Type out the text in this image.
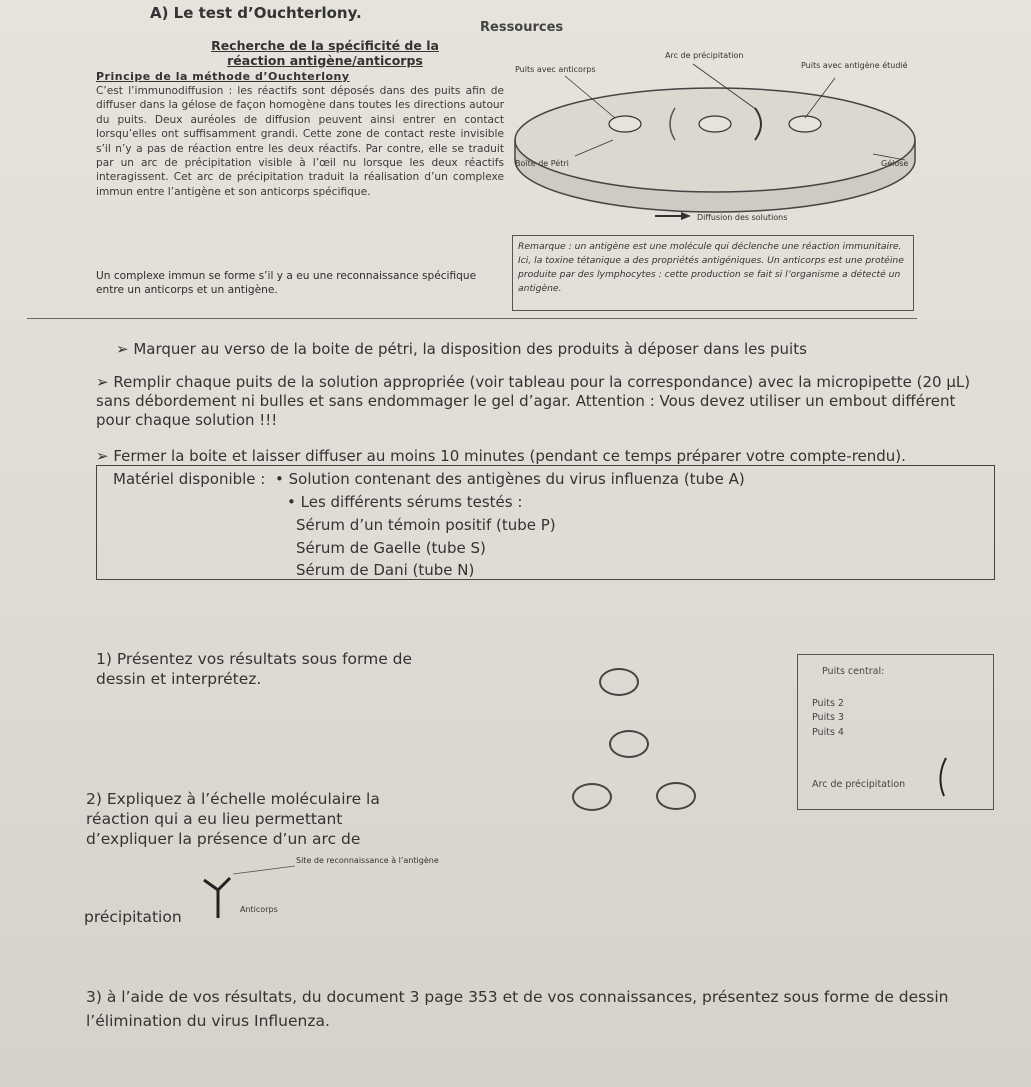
A) Le test d’Ouchterlony.
Ressources
Recherche de la spécificité de la réaction antigène/anticorps
Principe de la méthode d’Ouchterlony
C’est l’immunodiffusion : les réactifs sont déposés dans des puits afin de diffuser dans la gélose de façon homogène dans toutes les directions autour du puits. Deux auréoles de diffusion peuvent ainsi entrer en contact lorsqu’elles ont suffisamment grandi. Cette zone de contact reste invisible s’il n’y a pas de réaction entre les deux réactifs. Par contre, elle se traduit par un arc de précipitation visible à l’œil nu lorsque les deux réactifs interagissent. Cet arc de précipitation traduit la réalisation d’un complexe immun entre l’antigène et son anticorps spécifique.
Un complexe immun se forme s’il y a eu une reconnaissance spécifique entre un anticorps et un antigène.
Puits avec anticorps
Arc de précipitation
Puits avec antigène étudié
Boîte de Pétri	Gélose
Diffusion des solutions
Remarque : un antigène est une molécule qui déclenche une réaction immunitaire. Ici, la toxine tétanique a des propriétés antigéniques. Un anticorps est une protéine produite par des lymphocytes : cette production se fait si l’organisme a détecté un antigène.
➢ Marquer au verso de la boite de pétri, la disposition des produits à déposer dans les puits
➢ Remplir chaque puits de la solution appropriée (voir tableau pour la correspondance) avec la micropipette (20 µL) sans débordement ni bulles et sans endommager le gel d’agar. Attention : Vous devez utiliser un embout différent pour chaque solution !!!
➢ Fermer la boite et laisser diffuser au moins 10 minutes (pendant ce temps préparer votre compte-rendu).
Matériel disponible : • Solution contenant des antigènes du virus influenza (tube A)
• Les différents sérums testés :
Sérum d’un témoin positif (tube P)
Sérum de Gaelle (tube S)
Sérum de Dani (tube N)
1) Présentez vos résultats sous forme de dessin et interprétez.	Puits central:
Puits 2
Puits 3
Puits 4
Arc de précipitation
2) Expliquez à l’échelle moléculaire la réaction qui a eu lieu permettant d’expliquer la présence d’un arc de
précipitation
Site de reconnaissance à l’antigène
Anticorps
3) à l’aide de vos résultats, du document 3 page 353 et de vos connaissances, présentez sous forme de dessin l’élimination du virus Influenza.
